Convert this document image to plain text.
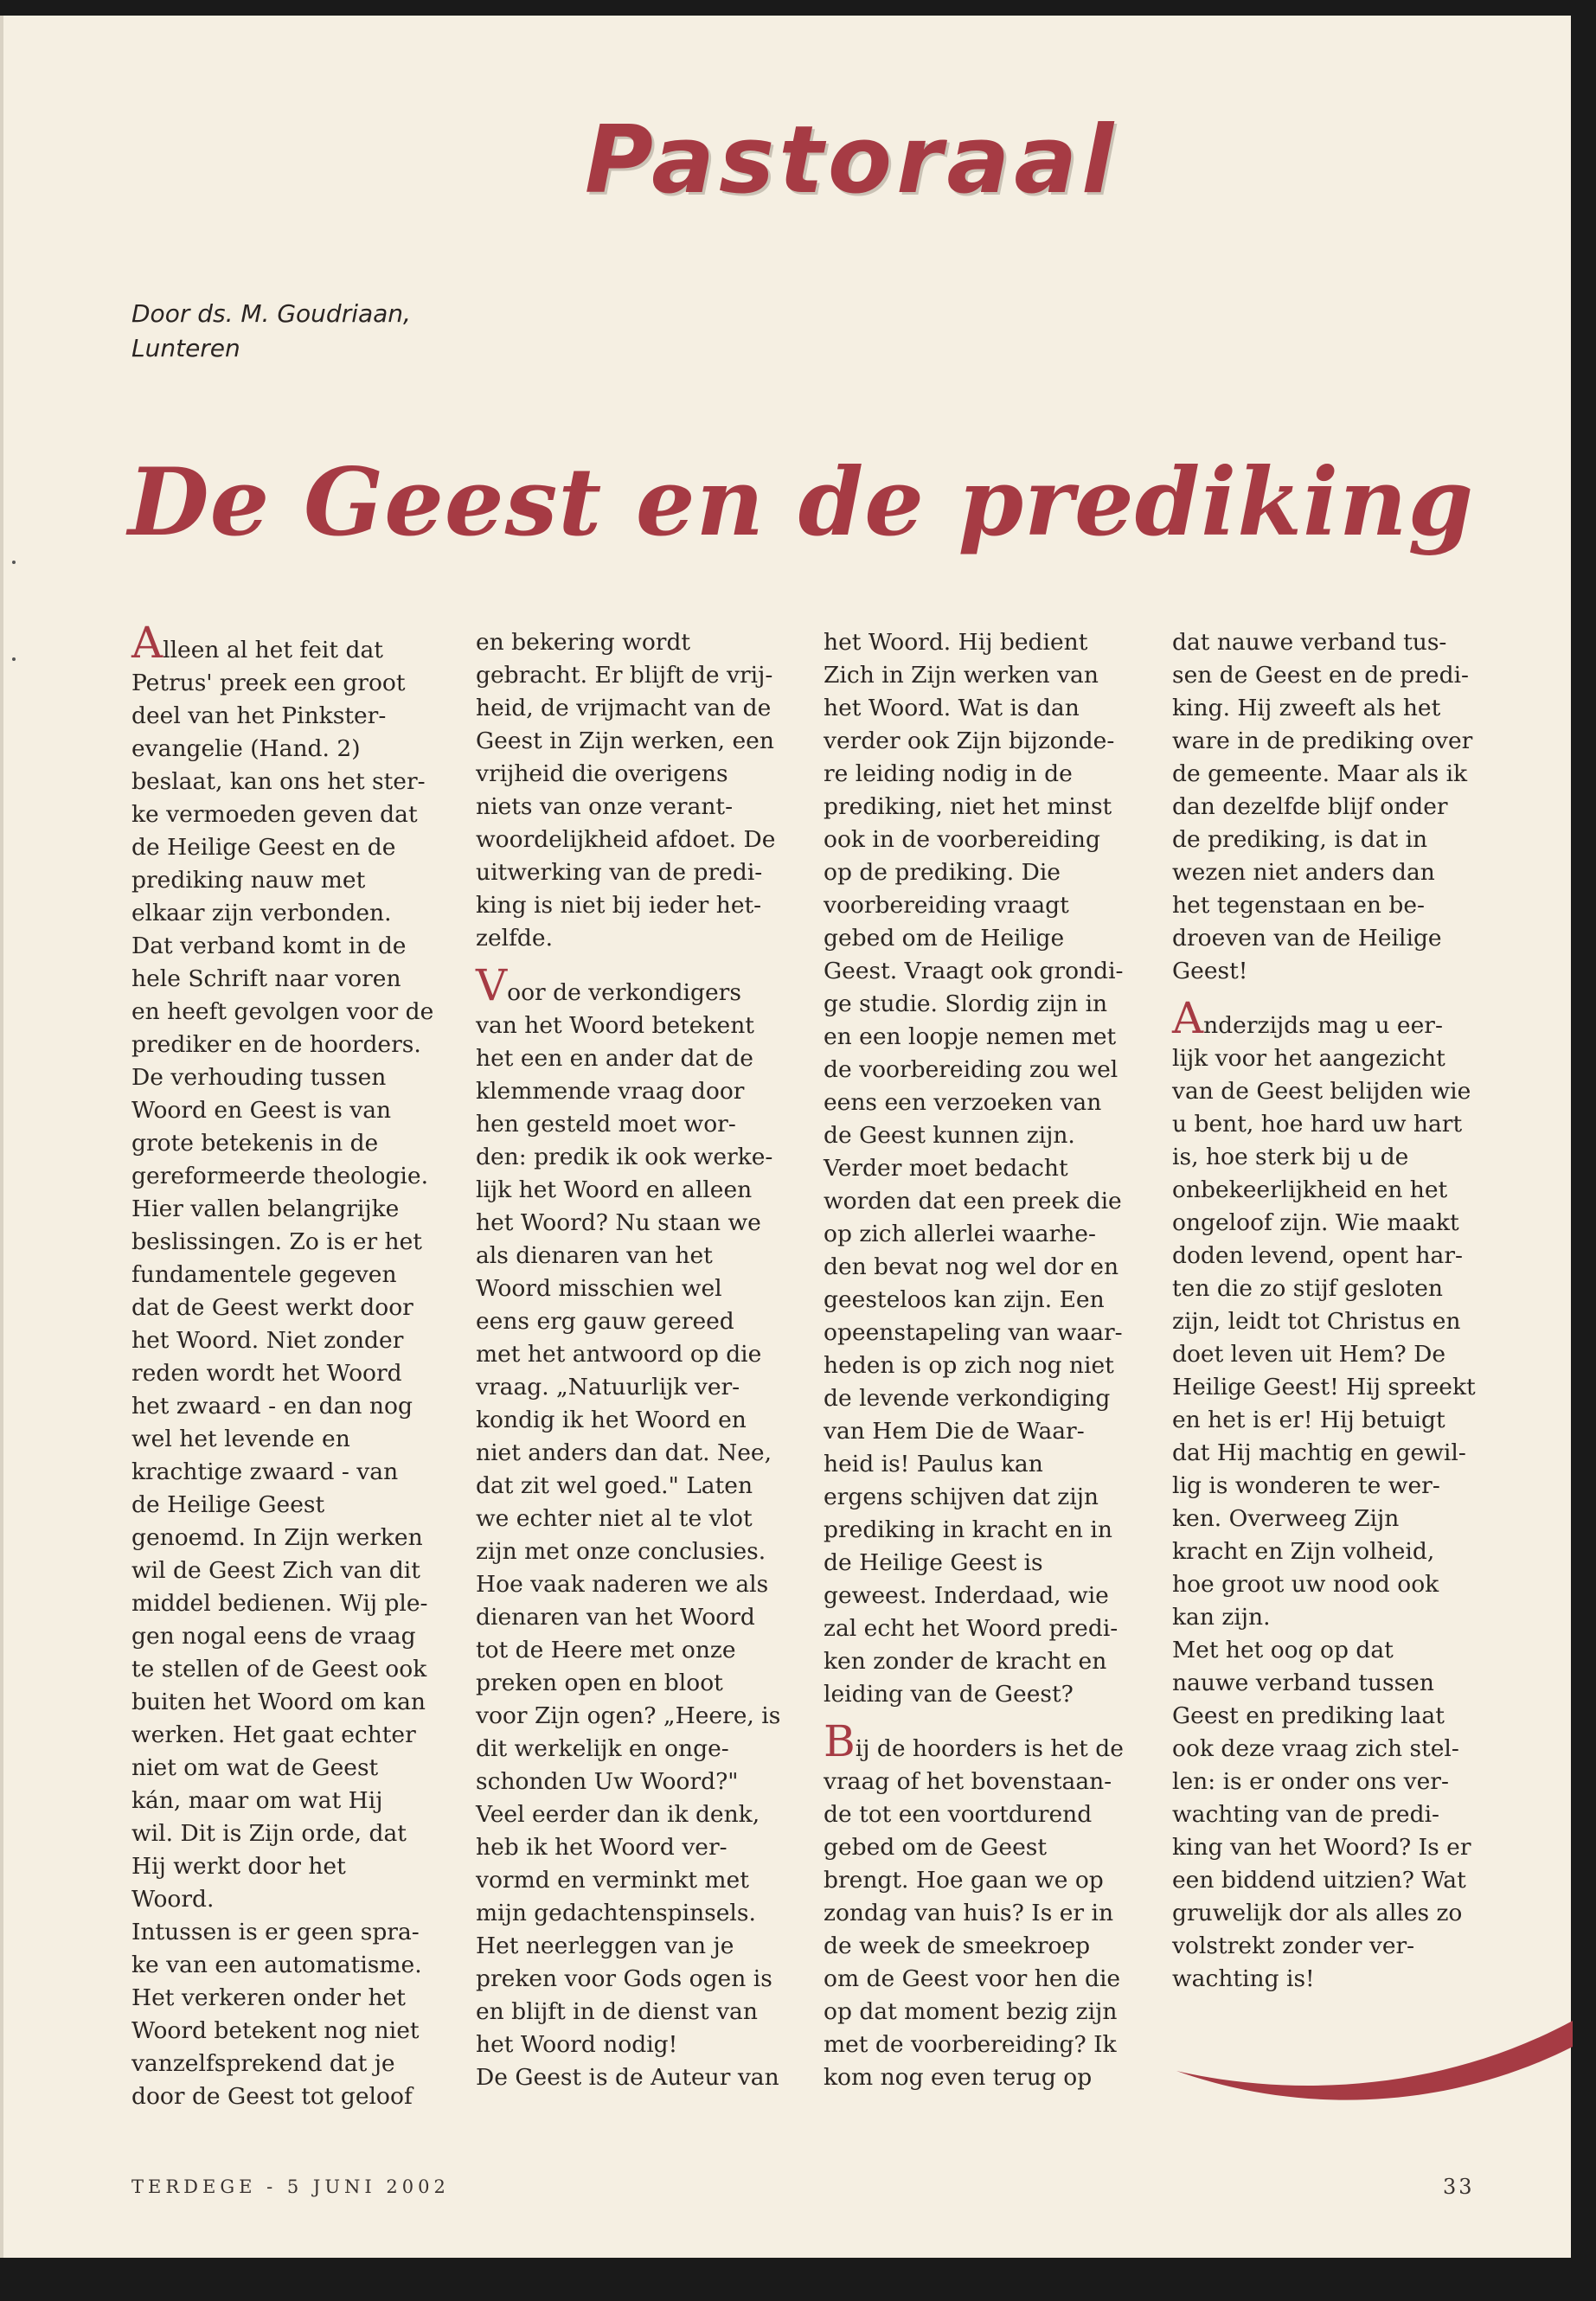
Pastoraal
Door ds. M. Goudriaan,
Lunteren
De Geest en de prediking
Alleen al het feit dat
Petrus' preek een groot
deel van het Pinkster-
evangelie (Hand. 2)
beslaat, kan ons het ster-
ke vermoeden geven dat
de Heilige Geest en de
prediking nauw met
elkaar zijn verbonden.
Dat verband komt in de
hele Schrift naar voren
en heeft gevolgen voor de
prediker en de hoorders.
De verhouding tussen
Woord en Geest is van
grote betekenis in de
gereformeerde theologie.
Hier vallen belangrijke
beslissingen. Zo is er het
fundamentele gegeven
dat de Geest werkt door
het Woord. Niet zonder
reden wordt het Woord
het zwaard - en dan nog
wel het levende en
krachtige zwaard - van
de Heilige Geest
genoemd. In Zijn werken
wil de Geest Zich van dit
middel bedienen. Wij ple-
gen nogal eens de vraag
te stellen of de Geest ook
buiten het Woord om kan
werken. Het gaat echter
niet om wat de Geest
kán, maar om wat Hij
wil. Dit is Zijn orde, dat
Hij werkt door het
Woord.
Intussen is er geen spra-
ke van een automatisme.
Het verkeren onder het
Woord betekent nog niet
vanzelfsprekend dat je
door de Geest tot geloof
en bekering wordt
gebracht. Er blijft de vrij-
heid, de vrijmacht van de
Geest in Zijn werken, een
vrijheid die overigens
niets van onze verant-
woordelijkheid afdoet. De
uitwerking van de predi-
king is niet bij ieder het-
zelfde.
Voor de verkondigers
van het Woord betekent
het een en ander dat de
klemmende vraag door
hen gesteld moet wor-
den: predik ik ook werke-
lijk het Woord en alleen
het Woord? Nu staan we
als dienaren van het
Woord misschien wel
eens erg gauw gereed
met het antwoord op die
vraag. „Natuurlijk ver-
kondig ik het Woord en
niet anders dan dat. Nee,
dat zit wel goed." Laten
we echter niet al te vlot
zijn met onze conclusies.
Hoe vaak naderen we als
dienaren van het Woord
tot de Heere met onze
preken open en bloot
voor Zijn ogen? „Heere, is
dit werkelijk en onge-
schonden Uw Woord?"
Veel eerder dan ik denk,
heb ik het Woord ver-
vormd en verminkt met
mijn gedachtenspinsels.
Het neerleggen van je
preken voor Gods ogen is
en blijft in de dienst van
het Woord nodig!
De Geest is de Auteur van
het Woord. Hij bedient
Zich in Zijn werken van
het Woord. Wat is dan
verder ook Zijn bijzonde-
re leiding nodig in de
prediking, niet het minst
ook in de voorbereiding
op de prediking. Die
voorbereiding vraagt
gebed om de Heilige
Geest. Vraagt ook grondi-
ge studie. Slordig zijn in
en een loopje nemen met
de voorbereiding zou wel
eens een verzoeken van
de Geest kunnen zijn.
Verder moet bedacht
worden dat een preek die
op zich allerlei waarhe-
den bevat nog wel dor en
geesteloos kan zijn. Een
opeenstapeling van waar-
heden is op zich nog niet
de levende verkondiging
van Hem Die de Waar-
heid is! Paulus kan
ergens schijven dat zijn
prediking in kracht en in
de Heilige Geest is
geweest. Inderdaad, wie
zal echt het Woord predi-
ken zonder de kracht en
leiding van de Geest?
Bij de hoorders is het de
vraag of het bovenstaan-
de tot een voortdurend
gebed om de Geest
brengt. Hoe gaan we op
zondag van huis? Is er in
de week de smeekroep
om de Geest voor hen die
op dat moment bezig zijn
met de voorbereiding? Ik
kom nog even terug op
dat nauwe verband tus-
sen de Geest en de predi-
king. Hij zweeft als het
ware in de prediking over
de gemeente. Maar als ik
dan dezelfde blijf onder
de prediking, is dat in
wezen niet anders dan
het tegenstaan en be-
droeven van de Heilige
Geest!
Anderzijds mag u eer-
lijk voor het aangezicht
van de Geest belijden wie
u bent, hoe hard uw hart
is, hoe sterk bij u de
onbekeerlijkheid en het
ongeloof zijn. Wie maakt
doden levend, opent har-
ten die zo stijf gesloten
zijn, leidt tot Christus en
doet leven uit Hem? De
Heilige Geest! Hij spreekt
en het is er! Hij betuigt
dat Hij machtig en gewil-
lig is wonderen te wer-
ken. Overweeg Zijn
kracht en Zijn volheid,
hoe groot uw nood ook
kan zijn.
Met het oog op dat
nauwe verband tussen
Geest en prediking laat
ook deze vraag zich stel-
len: is er onder ons ver-
wachting van de predi-
king van het Woord? Is er
een biddend uitzien? Wat
gruwelijk dor als alles zo
volstrekt zonder ver-
wachting is!
TERDEGE - 5 JUNI 2002	33
